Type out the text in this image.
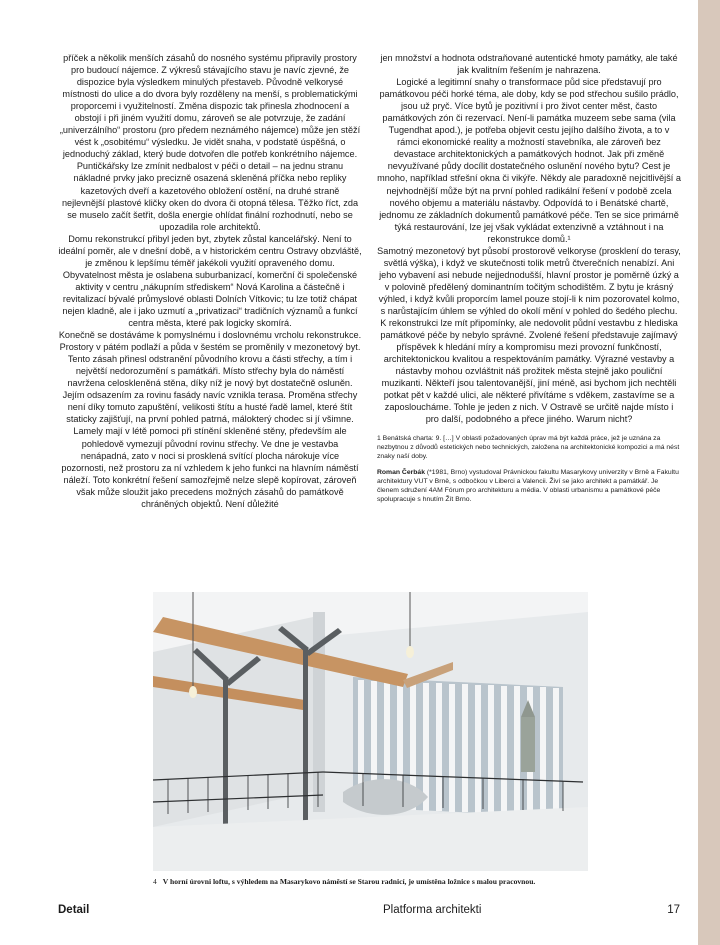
příček a několik menších zásahů do nosného systému připravily prostory pro budoucí nájemce. Z výkresů stávajícího stavu je navíc zjevné, že dispozice byla výsledkem minulých přestaveb. Původně velkorysé místnosti do ulice a do dvora byly rozděleny na menší, s problematickými proporcemi i využitelností. Změna dispozic tak přinesla zhodnocení a obstojí i při jiném využití domu, zároveň se ale potvrzuje, že zadání „univerzálního“ prostoru (pro předem neznámého nájemce) může jen stěží vést k „osobitému“ výsledku. Je vidět snaha, v podstatě úspěšná, o jednoduchý základ, který bude dotvořen dle potřeb konkrétního nájemce. Puntičkářsky lze zmínit nedbalost v péči o detail – na jednu stranu nákladné prvky jako precizně osazená skleněná příčka nebo repliky kazetových dveří a kazetového obložení ostění, na druhé straně nejlevnější plastové kličky oken do dvora či otopná tělesa. Těžko říct, zda se muselo začít šetřit, došla energie ohlídat finální rozhodnutí, nebo se upozadila role architektů.

Domu rekonstrukcí přibyl jeden byt, zbytek zůstal kancelářský. Není to ideální poměr, ale v dnešní době, a v historickém centru Ostravy obzvláště, je změnou k lepšímu téměř jakékoli využití opraveného domu. Obyvatelnost města je oslabena suburbanizací, komerční či společenské aktivity v centru „nákupním střediskem“ Nová Karolina a částečně i revitalizací bývalé průmyslové oblasti Dolních Vítkovic; tu lze totiž chápat nejen kladně, ale i jako uzmutí a „privatizaci“ tradičních významů a funkcí centra města, které pak logicky skomírá.

Konečně se dostáváme k pomyslnému i doslovnému vrcholu rekonstrukce. Prostory v pátém podlaží a půda v šestém se proměnily v mezonetový byt. Tento zásah přinesl odstranění původního krovu a části střechy, a tím i největší nedorozumění s památkáři. Místo střechy byla do náměstí navržena celoskleněná stěna, díky níž je nový byt dostatečně osluněn. Jejím odsazením za rovinu fasády navíc vznikla terasa. Proměna střechy není díky tomuto zapuštění, velikosti štítu a husté řadě lamel, které štít staticky zajišťují, na první pohled patrná, málokterý chodec si jí všimne. Lamely mají v létě pomoci při stínění skleněné stěny, především ale pohledově vymezují původní rovinu střechy. Ve dne je vestavba nenápadná, zato v noci si prosklená svítící plocha nárokuje více pozornosti, než prostoru za ní vzhledem k jeho funkci na hlavním náměstí náleží. Toto konkrétní řešení samozřejmě nelze slepě kopírovat, zároveň však může sloužit jako precedens možných zásahů do památkově chráněných objektů. Není důležité

jen množství a hodnota odstraňované autentické hmoty památky, ale také jak kvalitním řešením je nahrazena.

Logické a legitimní snahy o transformace půd sice představují pro památkovou péči horké téma, ale doby, kdy se pod střechou sušilo prádlo, jsou už pryč. Více bytů je pozitivní i pro život center měst, často památkových zón či rezervací. Není-li památka muzeem sebe sama (vila Tugendhat apod.), je potřeba objevit cestu jejího dalšího života, a to v rámci ekonomické reality a možností stavebníka, ale zároveň bez devastace architektonických a památkových hodnot. Jak při změně nevyužívané půdy docílit dostatečného oslunění nového bytu? Cest je mnoho, například střešní okna či vikýře. Někdy ale paradoxně nejcitlivější a nejvhodnější může být na první pohled radikální řešení v podobě zcela nového objemu a materiálu nástavby. Odpovídá to i Benátské chartě, jednomu ze základních dokumentů památkové péče. Ten se sice primárně týká restaurování, lze jej však vykládat extenzivně a vztáhnout i na rekonstrukce domů.¹

Samotný mezonetový byt působí prostorově velkoryse (prosklení do terasy, světlá výška), i když ve skutečnosti tolik metrů čtverečních nenabízí. Ani jeho vybavení asi nebude nejjednodušší, hlavní prostor je poměrně úzký a v polovině předělený dominantním točitým schodištěm. Z bytu je krásný výhled, i když kvůli proporcím lamel pouze stojí-li k nim pozorovatel kolmo, s narůstajícím úhlem se výhled do okolí mění v pohled do šedého plechu.

K rekonstrukci lze mít připomínky, ale nedovolit půdní vestavbu z hlediska památkové péče by nebylo správné. Zvolené řešení představuje zajímavý příspěvek k hledání míry a kompromisu mezi provozní funkčností, architektonickou kvalitou a respektováním památky. Výrazné vestavby a nástavby mohou ozvláštnit náš prožitek města stejně jako pouliční muzikanti. Někteří jsou talentovanější, jiní méně, asi bychom jich nechtěli potkat pět v každé ulici, ale některé přivítáme s vděkem, zastavíme se a zaposloucháme. Tohle je jeden z nich. V Ostravě se určitě najde místo i pro další, podobného a přece jiného. Warum nicht?

1 Benátská charta: 9. […] V oblasti požadovaných úprav má být každá práce, jež je uznána za nezbytnou z důvodů estetických nebo technických, založena na architektonické kompozici a má nést znaky naší doby.

Roman Čerbák (*1981, Brno) vystudoval Právnickou fakultu Masarykovy univerzity v Brně a Fakultu architektury VUT v Brně, s odbočkou v Liberci a Valencii. Živí se jako architekt a památkář. Je členem sdružení 4AM Fórum pro architekturu a média. V oblasti urbanismu a památkové péče spolupracuje s hnutím Žít Brno.

4 V horní úrovni loftu, s výhledem na Masarykovo náměstí se Starou radnicí, je umístěna ložnice s malou pracovnou.
Detail	Platforma architekti	17
